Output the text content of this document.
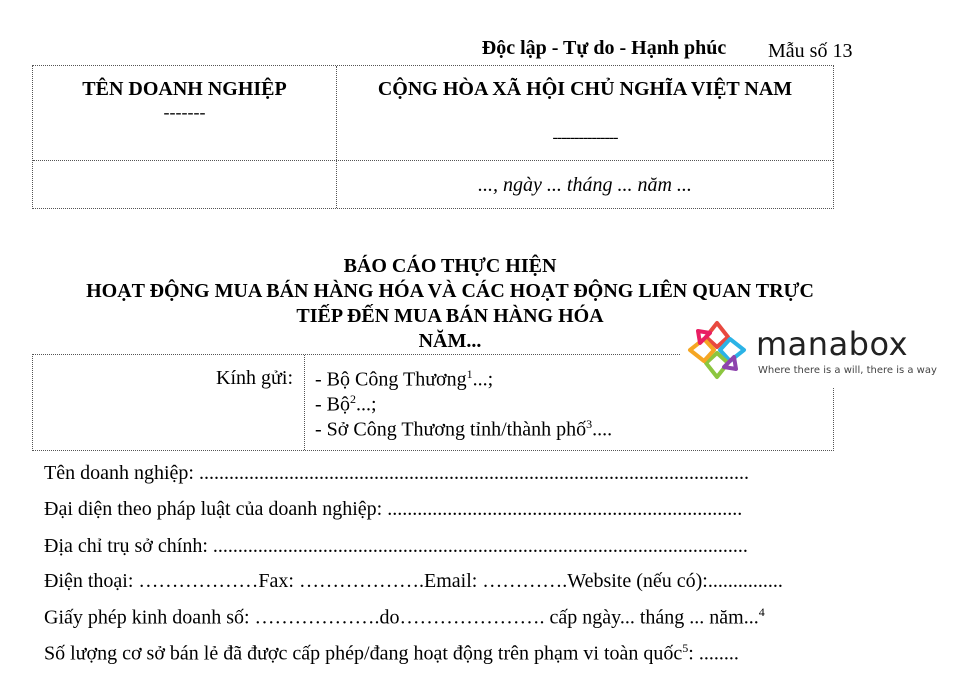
Mẫu số 13
TÊN DOANH NGHIỆP
-------
CỘNG HÒA XÃ HỘI CHỦ NGHĨA VIỆT NAM
---------------
..., ngày ... tháng ... năm ...
Độc lập - Tự do - Hạnh phúc
BÁO CÁO THỰC HIỆN
HOẠT ĐỘNG MUA BÁN HÀNG HÓA VÀ CÁC HOẠT ĐỘNG LIÊN QUAN TRỰC
TIẾP ĐẾN MUA BÁN HÀNG HÓA
NĂM...
Kính gửi: - Bộ Công Thương$^1$...;
- Bộ$^2$...;
- Sở Công Thương tỉnh/thành phố$^3$....
manabox
Where there is a will, there is a way
Tên doanh nghiệp: ..............................................................................................................
Đại diện theo pháp luật của doanh nghiệp: .......................................................................
Địa chỉ trụ sở chính: ...........................................................................................................
Điện thoại: ………………Fax: ……………….Email: ………….Website (nếu có):...............
Giấy phép kinh doanh số: ……………….do…………………. cấp ngày... tháng ... năm...$^4$
Số lượng cơ sở bán lẻ đã được cấp phép/đang hoạt động trên phạm vi toàn quốc$^5$: ........
